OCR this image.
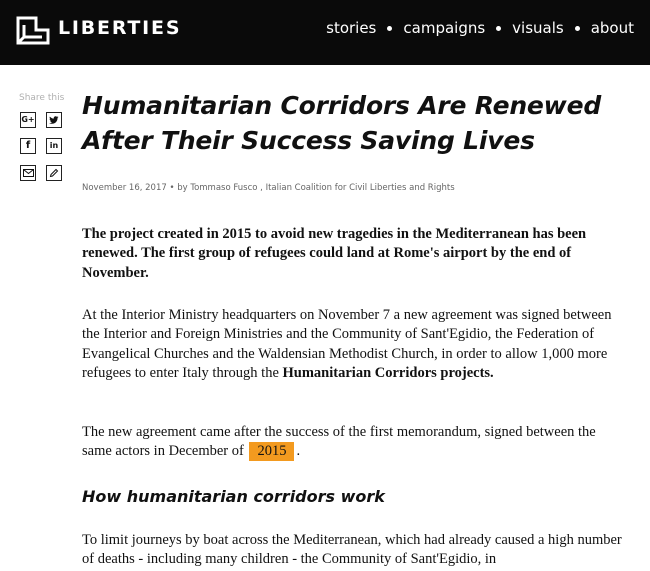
LIBERTIES	stories campaigns visuals about
Share this
G+
f in
Humanitarian Corridors Are Renewed After Their Success Saving Lives
November 16, 2017 • by Tommaso Fusco , Italian Coalition for Civil Liberties and Rights

The project created in 2015 to avoid new tragedies in the Mediterranean has been renewed. The first group of refugees could land at Rome's airport by the end of November.

At the Interior Ministry headquarters on November 7 a new agreement was signed between the Interior and Foreign Ministries and the Community of Sant'Egidio, the Federation of Evangelical Churches and the Waldensian Methodist Church, in order to allow 1,000 more refugees to enter Italy through the Humanitarian Corridors projects.

The new agreement came after the success of the first memorandum, signed between the same actors in December of 2015 .

How humanitarian corridors work

To limit journeys by boat across the Mediterranean, which had already caused a high number of deaths - including many children - the Community of Sant'Egidio, in
